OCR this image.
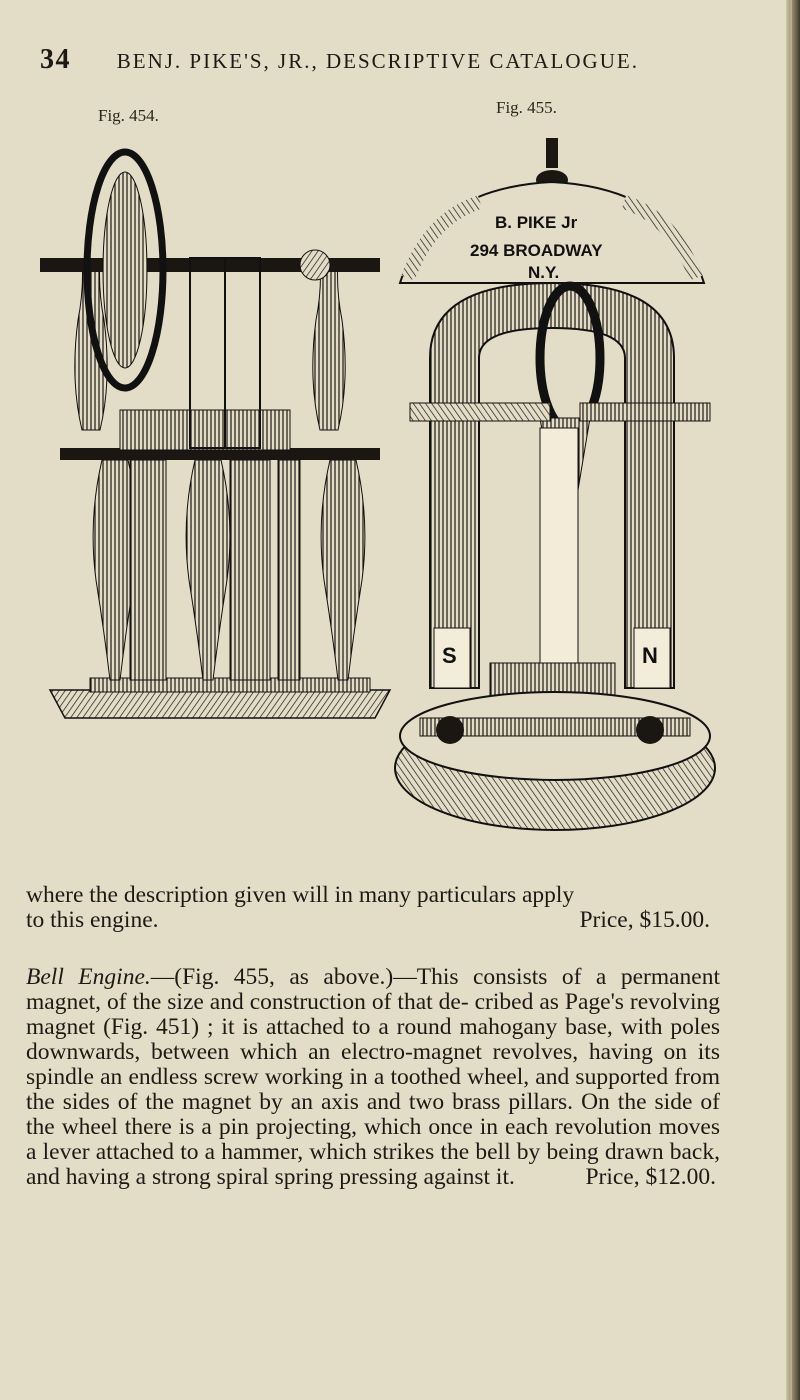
34 BENJ. PIKE'S, JR., DESCRIPTIVE CATALOGUE.
Fig. 454.	Fig. 455.
B. PIKE Jr
294 BROADWAY
N.Y.
S	N
where the description given will in many particulars apply
to this engine.	Price, $15.00.
Bell Engine.—(Fig. 455, as above.)—This consists of a permanent magnet, of the size and construction of that de- cribed as Page's revolving magnet (Fig. 451) ; it is attached to a round mahogany base, with poles downwards, between which an electro-magnet revolves, having on its spindle an endless screw working in a toothed wheel, and supported from the sides of the magnet by an axis and two brass pillars. On the side of the wheel there is a pin projecting, which once in each revolution moves a lever attached to a hammer, which strikes the bell by being drawn back, and having a strong spiral spring pressing against it.	Price, $12.00.
